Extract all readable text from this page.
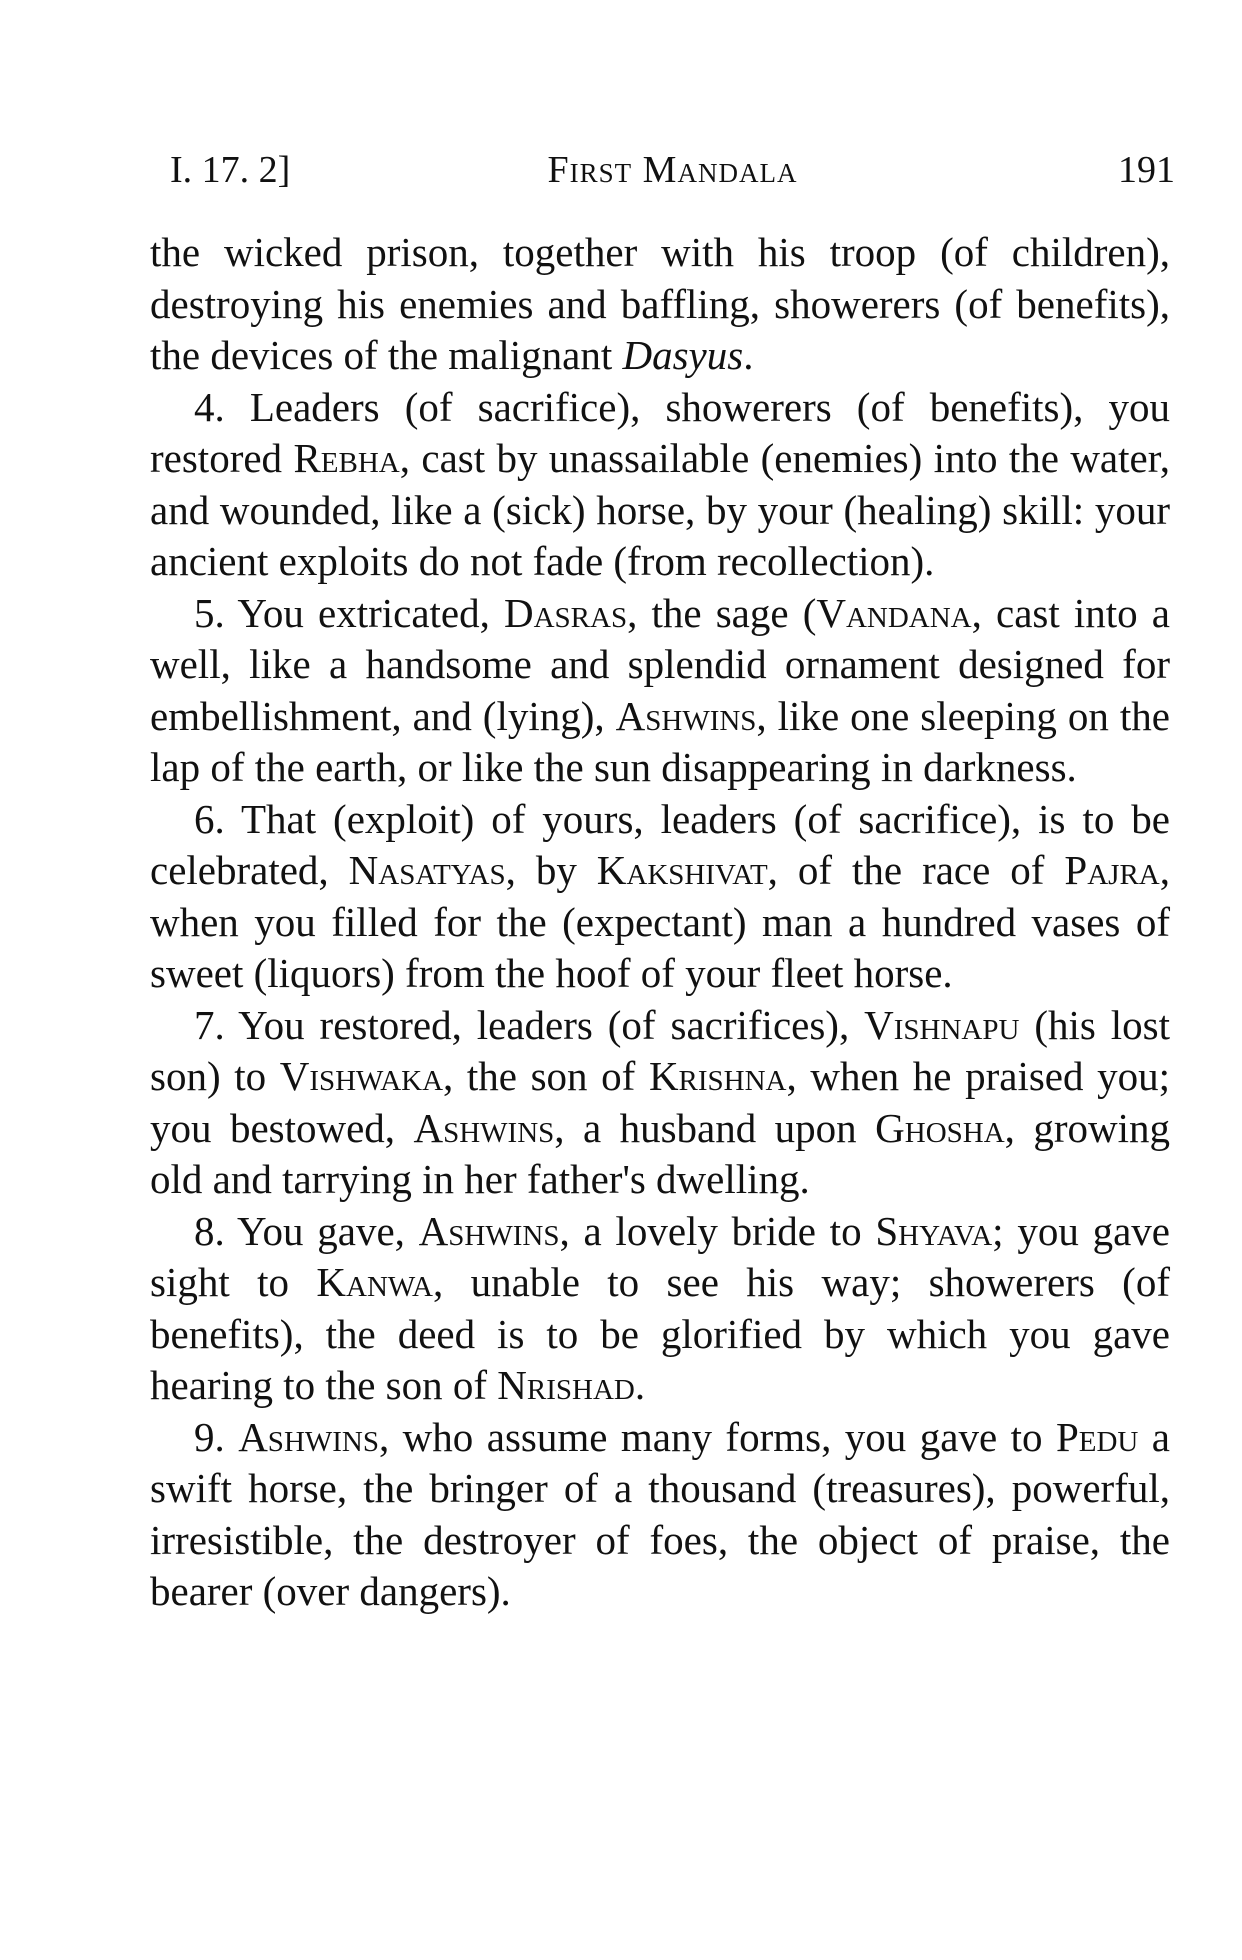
I. 17. 2]	First Mandala	191

the wicked prison, together with his troop (of children), destroying his enemies and baffling, showerers (of benefits), the devices of the malignant Dasyus.

4. Leaders (of sacrifice), showerers (of benefits), you restored Rebha, cast by unassailable (enemies) into the water, and wounded, like a (sick) horse, by your (healing) skill: your ancient exploits do not fade (from recollection).

5. You extricated, Dasras, the sage (Vandana, cast into a well, like a handsome and splendid ornament designed for embellishment, and (lying), Ashwins, like one sleeping on the lap of the earth, or like the sun disappearing in darkness.

6. That (exploit) of yours, leaders (of sacrifice), is to be celebrated, Nasatyas, by Kakshivat, of the race of Pajra, when you filled for the (expectant) man a hundred vases of sweet (liquors) from the hoof of your fleet horse.

7. You restored, leaders (of sacrifices), Vishnapu (his lost son) to Vishwaka, the son of Krishna, when he praised you; you bestowed, Ashwins, a husband upon Ghosha, growing old and tarrying in her father's dwelling.

8. You gave, Ashwins, a lovely bride to Shyava; you gave sight to Kanwa, unable to see his way; showerers (of benefits), the deed is to be glorified by which you gave hearing to the son of Nrishad.

9. Ashwins, who assume many forms, you gave to Pedu a swift horse, the bringer of a thousand (treasures), powerful, irresistible, the destroyer of foes, the object of praise, the bearer (over dangers).
